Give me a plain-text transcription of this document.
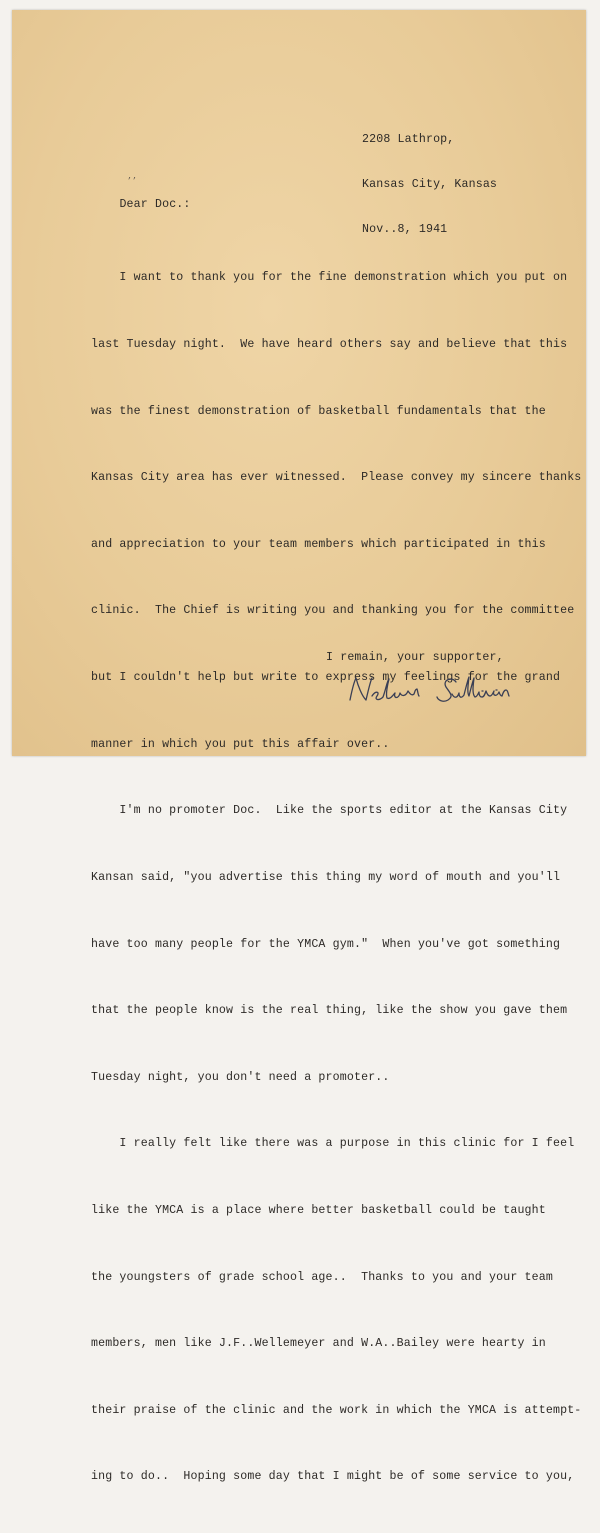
2208 Lathrop,

Kansas City, Kansas

Nov..8, 1941

Dear Doc.:

’’

I want to thank you for the fine demonstration which you put on

last Tuesday night.  We have heard others say and believe that this

was the finest demonstration of basketball fundamentals that the

Kansas City area has ever witnessed.  Please convey my sincere thanks

and appreciation to your team members which participated in this

clinic.  The Chief is writing you and thanking you for the committee

but I couldn't help but write to express my feelings for the grand

manner in which you put this affair over..

I'm no promoter Doc.  Like the sports editor at the Kansas City

Kansan said, "you advertise this thing my word of mouth and you'll

have too many people for the YMCA gym."  When you've got something

that the people know is the real thing, like the show you gave them

Tuesday night, you don't need a promoter..

I really felt like there was a purpose in this clinic for I feel

like the YMCA is a place where better basketball could be taught

the youngsters of grade school age..  Thanks to you and your team

members, men like J.F..Wellemeyer and W.A..Bailey were hearty in

their praise of the clinic and the work in which the YMCA is attempt-

ing to do..  Hoping some day that I might be of some service to you,

I remain, your supporter,
